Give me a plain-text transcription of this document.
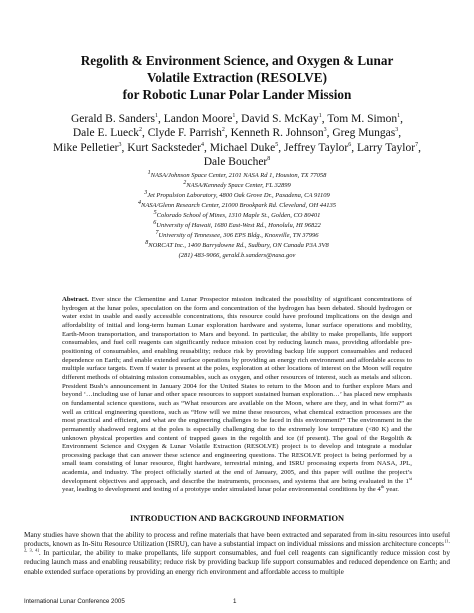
Regolith & Environment Science, and Oxygen & Lunar
Volatile Extraction (RESOLVE)
for Robotic Lunar Polar Lander Mission
Gerald B. Sanders$^1$, Landon Moore$^1$, David S. McKay$^1$, Tom M. Simon$^1$,
Dale E. Lueck$^2$, Clyde F. Parrish$^2$, Kenneth R. Johnson$^3$, Greg Mungas$^3$,
Mike Pelletier$^3$, Kurt Sacksteder$^4$, Michael Duke$^5$, Jeffrey Taylor$^6$, Larry Taylor$^7$,
Dale Boucher$^8$
$^1$NASA/Johnson Space Center, 2101 NASA Rd 1, Houston, TX 77058
$^2$NASA/Kennedy Space Center, FL 32899
$^3$Jet Propulsion Laboratory, 4800 Oak Grove Dr., Pasadena, CA 91109
$^4$NASA/Glenn Research Center, 21000 Brookpark Rd. Cleveland, OH 44135
$^5$Colorado School of Mines, 1310 Maple St., Golden, CO 80401
$^6$University of Hawaii, 1680 East-West Rd., Honolulu, HI 96822
$^7$University of Tennessee, 306 EPS Bldg., Knoxville, TN 37996
$^8$NORCAT Inc., 1400 Barrydowne Rd., Sudbury, ON Canada P3A 3V8
(281) 483-9066, gerald.b.sanders@nasa.gov
Abstract. Ever since the Clementine and Lunar Prospector mission indicated the possibility of significant concentrations of hydrogen at the lunar poles, speculation on the form and concentration of the hydrogen has been debated. Should hydrogen or water exist in usable and easily accessible concentrations, this resource could have profound implications on the design and affordability of initial and long-term human Lunar exploration hardware and systems, lunar surface operations and mobility, Earth-Moon transportation, and transportation to Mars and beyond. In particular, the ability to make propellants, life support consumables, and fuel cell reagents can significantly reduce mission cost by reducing launch mass, providing affordable pre-positioning of consumables, and enabling reusability; reduce risk by providing backup life support consumables and reduced dependence on Earth; and enable extended surface operations by providing an energy rich environment and affordable access to multiple surface targets. Even if water is present at the poles, exploration at other locations of interest on the Moon will require different methods of obtaining mission consumables, such as oxygen, and other resources of interest, such as metals and silicon. President Bush’s announcement in January 2004 for the United States to return to the Moon and to further explore Mars and beyond ‘…including use of lunar and other space resources to support sustained human exploration…’ has placed new emphasis on fundamental science questions, such as “What resources are available on the Moon, where are they, and in what form?” as well as critical engineering questions, such as “How will we mine these resources, what chemical extraction processes are the most practical and efficient, and what are the engineering challenges to be faced in this environment?” The environment in the permanently shadowed regions at the poles is especially challenging due to the extremely low temperature (<80 K) and the unknown physical properties and content of trapped gases in the regolith and ice (if present). The goal of the Regolith & Environment Science and Oxygen & Lunar Volatile Extraction (RESOLVE) project is to develop and integrate a modular processing package that can answer these science and engineering questions. The RESOLVE project is being performed by a small team consisting of lunar resource, flight hardware, terrestrial mining, and ISRU processing experts from NASA, JPL, academia, and industry. The project officially started at the end of January, 2005, and this paper will outline the project’s development objectives and approach, and describe the instruments, processes, and systems that are being evaluated in the 1st year, leading to development and testing of a prototype under simulated lunar polar environmental conditions by the 4th year.
INTRODUCTION AND BACKGROUND INFORMATION
Many studies have shown that the ability to process and refine materials that have been extracted and separated from in-situ resources into useful products, known as In-Situ Resource Utilization (ISRU), can have a substantial impact on individual missions and mission architecture concepts [1, 2, 3, 4]. In particular, the ability to make propellants, life support consumables, and fuel cell reagents can significantly reduce mission cost by reducing launch mass and enabling reusability; reduce risk by providing backup life support consumables and reduced dependence on Earth; and enable extended surface operations by providing an energy rich environment and affordable access to multiple
International Lunar Conference 2005	1
